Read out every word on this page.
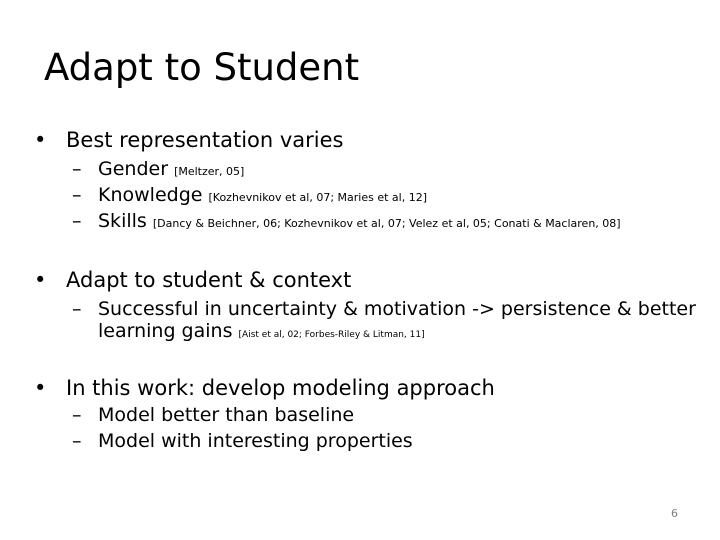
Adapt to Student
• Best representation varies
– Gender [Meltzer, 05]
– Knowledge [Kozhevnikov et al, 07; Maries et al, 12]
– Skills [Dancy & Beichner, 06; Kozhevnikov et al, 07; Velez et al, 05; Conati & Maclaren, 08]
• Adapt to student & context
– Successful in uncertainty & motivation -> persistence & better
learning gains [Aist et al, 02; Forbes-Riley & Litman, 11]
• In this work: develop modeling approach
– Model better than baseline
– Model with interesting properties
6
